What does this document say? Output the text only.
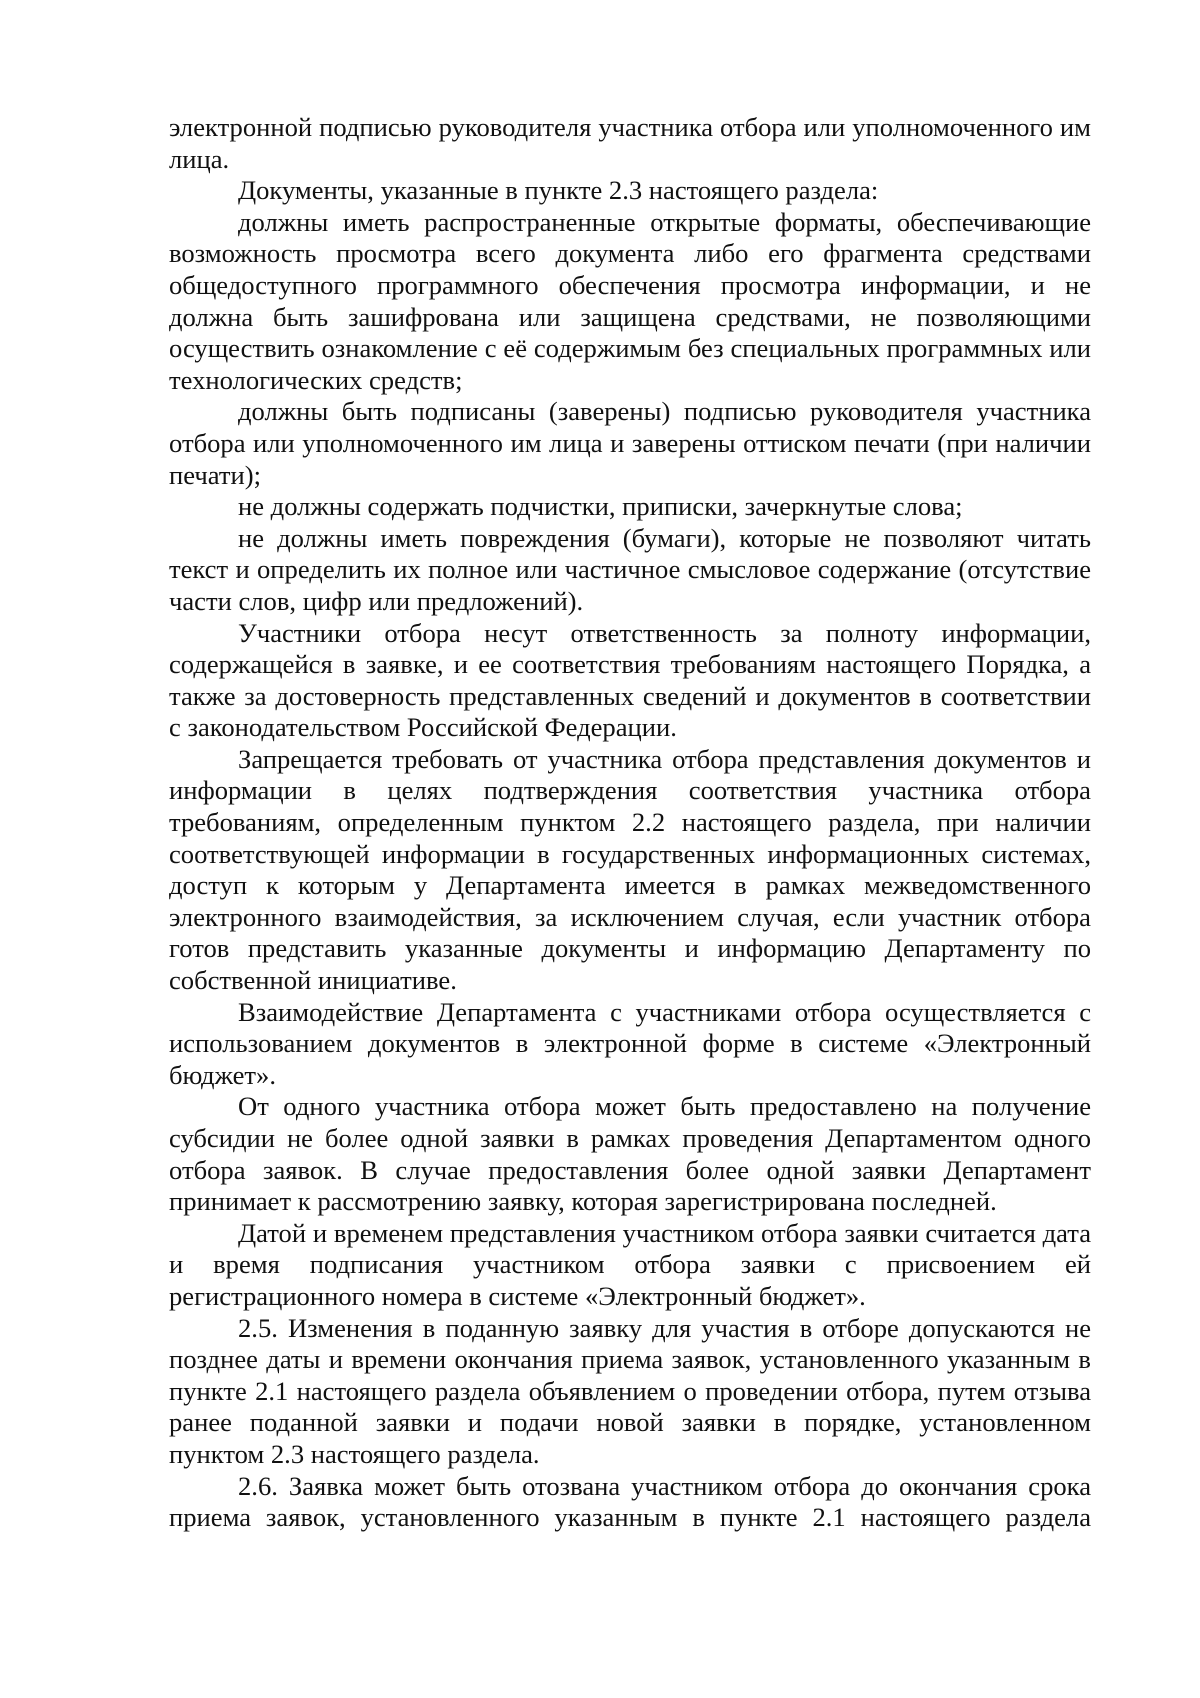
электронной подписью руководителя участника отбора или уполномоченного им лица.

Документы, указанные в пункте 2.3 настоящего раздела:

должны иметь распространенные открытые форматы, обеспечивающие возможность просмотра всего документа либо его фрагмента средствами общедоступного программного обеспечения просмотра информации, и не должна быть зашифрована или защищена средствами, не позволяющими осуществить ознакомление с её содержимым без специальных программных или технологических средств;

должны быть подписаны (заверены) подписью руководителя участника отбора или уполномоченного им лица и заверены оттиском печати (при наличии печати);

не должны содержать подчистки, приписки, зачеркнутые слова;

не должны иметь повреждения (бумаги), которые не позволяют читать текст и определить их полное или частичное смысловое содержание (отсутствие части слов, цифр или предложений).

Участники отбора несут ответственность за полноту информации, содержащейся в заявке, и ее соответствия требованиям настоящего Порядка, а также за достоверность представленных сведений и документов в соответствии с законодательством Российской Федерации.

Запрещается требовать от участника отбора представления документов и информации в целях подтверждения соответствия участника отбора требованиям, определенным пунктом 2.2 настоящего раздела, при наличии соответствующей информации в государственных информационных системах, доступ к которым у Департамента имеется в рамках межведомственного электронного взаимодействия, за исключением случая, если участник отбора готов представить указанные документы и информацию Департаменту по собственной инициативе.

Взаимодействие Департамента с участниками отбора осуществляется с использованием документов в электронной форме в системе «Электронный бюджет».

От одного участника отбора может быть предоставлено на получение субсидии не более одной заявки в рамках проведения Департаментом одного отбора заявок. В случае предоставления более одной заявки Департамент принимает к рассмотрению заявку, которая зарегистрирована последней.

Датой и временем представления участником отбора заявки считается дата и время подписания участником отбора заявки с присвоением ей регистрационного номера в системе «Электронный бюджет».

2.5. Изменения в поданную заявку для участия в отборе допускаются не позднее даты и времени окончания приема заявок, установленного указанным в пункте 2.1 настоящего раздела объявлением о проведении отбора, путем отзыва ранее поданной заявки и подачи новой заявки в порядке, установленном пунктом 2.3 настоящего раздела.

2.6. Заявка может быть отозвана участником отбора до окончания срока приема заявок, установленного указанным в пункте 2.1 настоящего раздела
